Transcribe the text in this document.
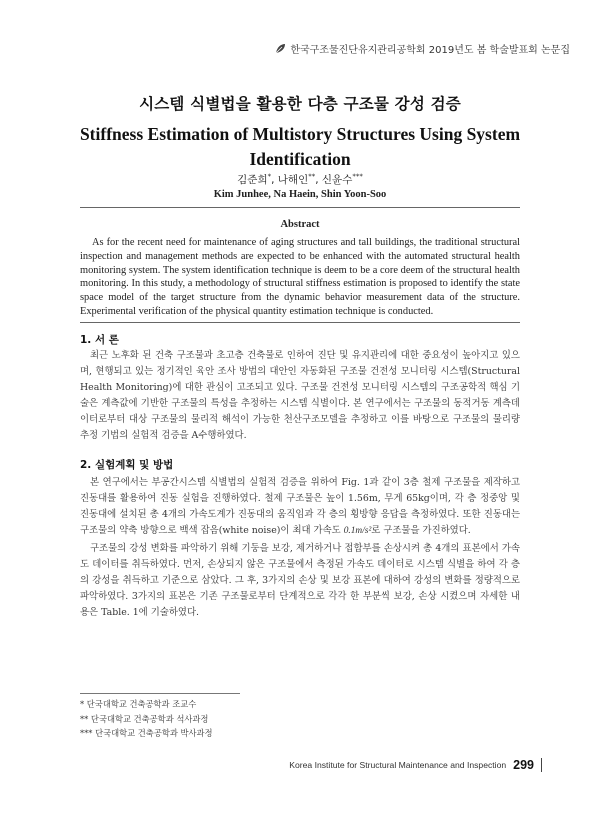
한국구조물진단유지관리공학회 2019년도 봄 학술발표회 논문집
시스템 식별법을 활용한 다층 구조물 강성 검증
Stiffness Estimation of Multistory Structures Using System Identification
김준희*, 나해인**, 신윤수***
Kim Junhee, Na Haein, Shin Yoon-Soo
Abstract
As for the recent need for maintenance of aging structures and tall buildings, the traditional structural inspection and management methods are expected to be enhanced with the automated structural health monitoring system. The system identification technique is deem to be a core deem of the structural health monitoring. In this study, a methodology of structural stiffness estimation is proposed to identify the state space model of the target structure from the dynamic behavior measurement data of the structure. Experimental verification of the physical quantity estimation technique is conducted.
1. 서 론

최근 노후화 된 건축 구조물과 초고층 건축물로 인하여 진단 및 유지관리에 대한 중요성이 높아지고 있으며, 현행되고 있는 정기적인 육안 조사 방법의 대안인 자동화된 구조물 건전성 모니터링 시스템(Structural Health Monitoring)에 대한 관심이 고조되고 있다. 구조물 건전성 모니터링 시스템의 구조공학적 핵심 기술은 계측값에 기반한 구조물의 특성을 추정하는 시스템 식별이다. 본 연구에서는 구조물의 동적거동 계측데이터로부터 대상 구조물의 물리적 해석이 가능한 천산구조모델을 추정하고 이를 바탕으로 구조물의 물리량 추정 기법의 실험적 검증을 A수행하였다.

2. 실험계획 및 방법

본 연구에서는 부공간시스템 식별법의 실험적 검증을 위하여 Fig. 1과 같이 3층 철제 구조물을 제작하고 진동대를 활용하여 진동 실험을 진행하였다. 철제 구조물은 높이 1.56m, 무게 65kg이며, 각 층 정중앙 및 진동대에 설치된 총 4개의 가속도계가 진동대의 움직임과 각 층의 횡방향 응답을 측정하였다. 또한 진동대는 구조물의 약축 방향으로 백색 잡음(white noise)이 최대 가속도 0.1m/s²로 구조물을 가진하였다.

구조물의 강성 변화를 파악하기 위해 기둥을 보강, 제거하거나 접합부를 손상시켜 총 4개의 표본에서 가속도 데이터를 취득하였다. 먼저, 손상되지 않은 구조물에서 측정된 가속도 데이터로 시스템 식별을 하여 각 층의 강성을 취득하고 기준으로 삼았다. 그 후, 3가지의 손상 및 보강 표본에 대하여 강성의 변화를 정량적으로 파악하였다. 3가지의 표본은 기존 구조물로부터 단계적으로 각각 한 부분씩 보강, 손상 시켰으며 자세한 내용은 Table. 1에 기술하였다.

* 단국대학교 건축공학과 조교수
** 단국대학교 건축공학과 석사과정
*** 단국대학교 건축공학과 박사과정
Korea Institute for Structural Maintenance and Inspection 299
